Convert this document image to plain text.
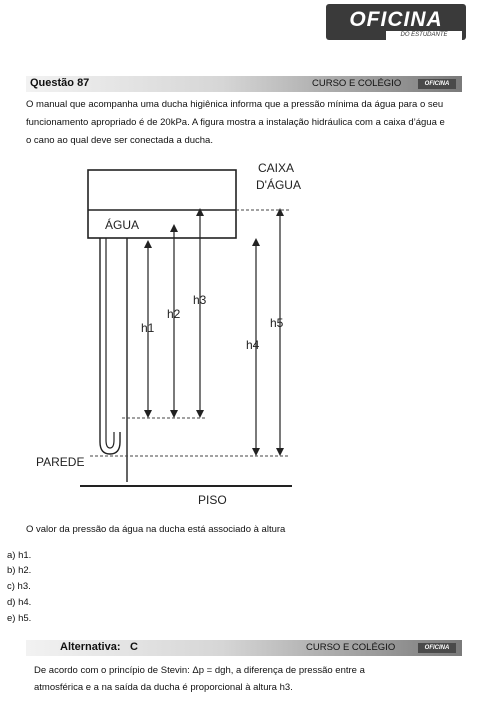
OFICINA
DO ESTUDANTE
Questão 87	CURSO E COLÉGIO	OFICINA
O manual que acompanha uma ducha higiênica informa que a pressão mínima da água para o seu
funcionamento apropriado é de 20kPa. A figura mostra a instalação hidráulica com a caixa d’água e
o cano ao qual deve ser conectada a ducha.
CAIXA
D'ÁGUA
ÁGUA
h1
h2
h3
h4
h5
PAREDE
PISO
O valor da pressão da água na ducha está associado à altura
a) h1.
b) h2.
c) h3.
d) h4.
e) h5.
Alternativa: C	CURSO E COLÉGIO	OFICINA
De acordo com o princípio de Stevin: Δp = dgh, a diferença de pressão entre a
atmosférica e a na saída da ducha é proporcional à altura h3.
